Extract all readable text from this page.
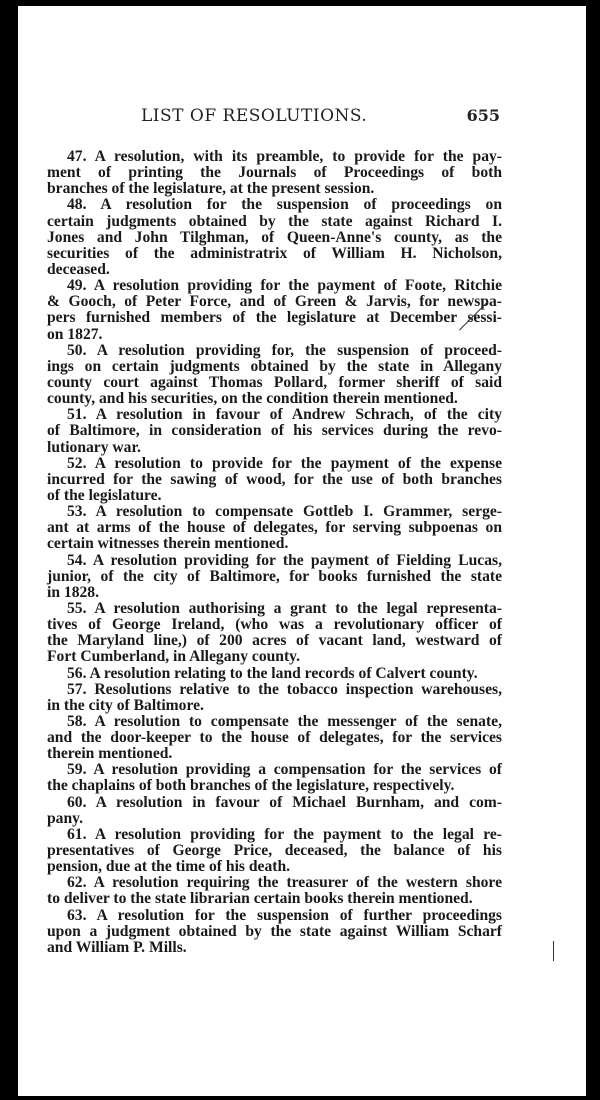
LIST OF RESOLUTIONS.	655
47. A resolution, with its preamble, to provide for the pay-
ment of printing the Journals of Proceedings of both
branches of the legislature, at the present session.
48. A resolution for the suspension of proceedings on
certain judgments obtained by the state against Richard I.
Jones and John Tilghman, of Queen-Anne's county, as the
securities of the administratrix of William H. Nicholson,
deceased.
49. A resolution providing for the payment of Foote, Ritchie
& Gooch, of Peter Force, and of Green & Jarvis, for newspa-
pers furnished members of the legislature at December sessi-
on 1827.
50. A resolution providing for, the suspension of proceed-
ings on certain judgments obtained by the state in Allegany
county court against Thomas Pollard, former sheriff of said
county, and his securities, on the condition therein mentioned.
51. A resolution in favour of Andrew Schrach, of the city
of Baltimore, in consideration of his services during the revo-
lutionary war.
52. A resolution to provide for the payment of the expense
incurred for the sawing of wood, for the use of both branches
of the legislature.
53. A resolution to compensate Gottleb I. Grammer, serge-
ant at arms of the house of delegates, for serving subpoenas on
certain witnesses therein mentioned.
54. A resolution providing for the payment of Fielding Lucas,
junior, of the city of Baltimore, for books furnished the state
in 1828.
55. A resolution authorising a grant to the legal representa-
tives of George Ireland, (who was a revolutionary officer of
the Maryland line,) of 200 acres of vacant land, westward of
Fort Cumberland, in Allegany county.
56. A resolution relating to the land records of Calvert county.
57. Resolutions relative to the tobacco inspection warehouses,
in the city of Baltimore.
58. A resolution to compensate the messenger of the senate,
and the door-keeper to the house of delegates, for the services
therein mentioned.
59. A resolution providing a compensation for the services of
the chaplains of both branches of the legislature, respectively.
60. A resolution in favour of Michael Burnham, and com-
pany.
61. A resolution providing for the payment to the legal re-
presentatives of George Price, deceased, the balance of his
pension, due at the time of his death.
62. A resolution requiring the treasurer of the western shore
to deliver to the state librarian certain books therein mentioned.
63. A resolution for the suspension of further proceedings
upon a judgment obtained by the state against William Scharf
and William P. Mills.
